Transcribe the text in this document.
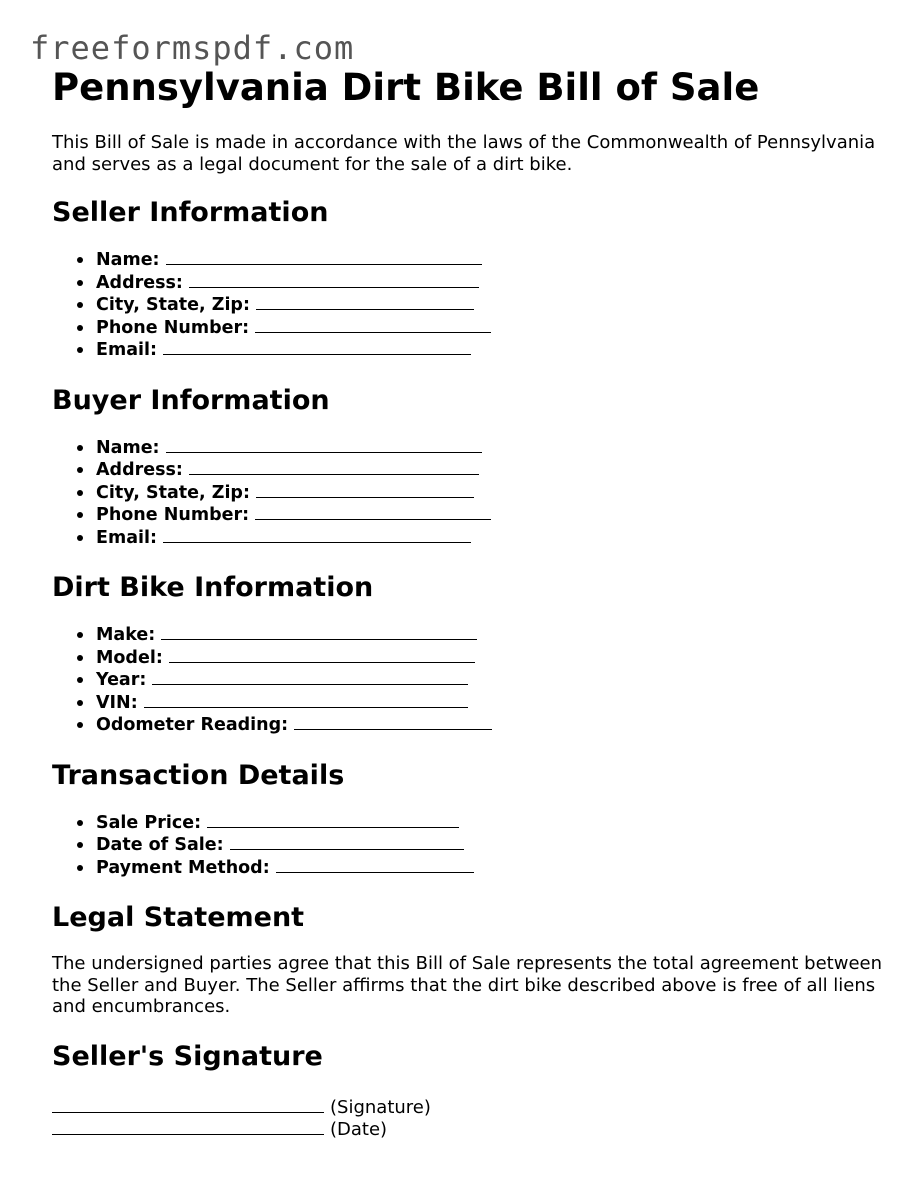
freeformspdf.com
Pennsylvania Dirt Bike Bill of Sale

This Bill of Sale is made in accordance with the laws of the Commonwealth of Pennsylvania and serves as a legal document for the sale of a dirt bike.

Seller Information
Name:
Address:
City, State, Zip:
Phone Number:
Email:
Buyer Information
Name:
Address:
City, State, Zip:
Phone Number:
Email:
Dirt Bike Information
Make:
Model:
Year:
VIN:
Odometer Reading:
Transaction Details
Sale Price:
Date of Sale:
Payment Method:
Legal Statement

The undersigned parties agree that this Bill of Sale represents the total agreement between the Seller and Buyer. The Seller affirms that the dirt bike described above is free of all liens and encumbrances.

Seller's Signature
(Signature)
(Date)
